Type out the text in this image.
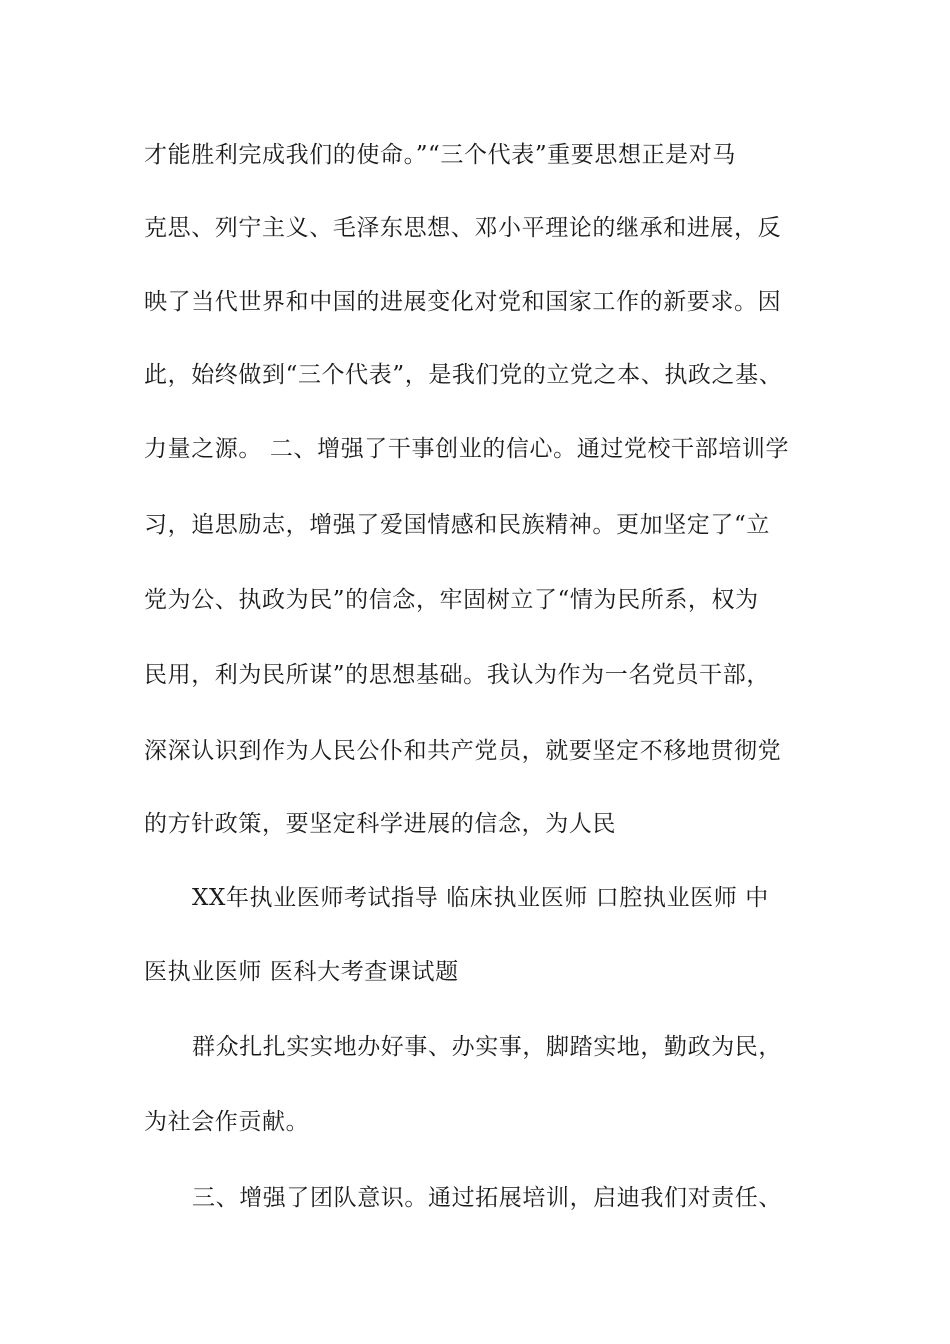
才能胜利完成我们的使命。”“三个代表”重要思想正是对马
克思、列宁主义、毛泽东思想、邓小平理论的继承和进展，反
映了当代世界和中国的进展变化对党和国家工作的新要求。因
此，始终做到“三个代表”，是我们党的立党之本、执政之基、
力量之源。 二、增强了干事创业的信心。通过党校干部培训学
习，追思励志，增强了爱国情感和民族精神。更加坚定了“立
党为公、执政为民”的信念，牢固树立了“情为民所系，权为
民用，利为民所谋”的思想基础。我认为作为一名党员干部，
深深认识到作为人民公仆和共产党员，就要坚定不移地贯彻党
的方针政策，要坚定科学进展的信念，为人民
XX年执业医师考试指导 临床执业医师 口腔执业医师 中
医执业医师 医科大考查课试题
群众扎扎实实地办好事、办实事，脚踏实地，勤政为民，
为社会作贡献。
三、增强了团队意识。通过拓展培训，启迪我们对责任、
